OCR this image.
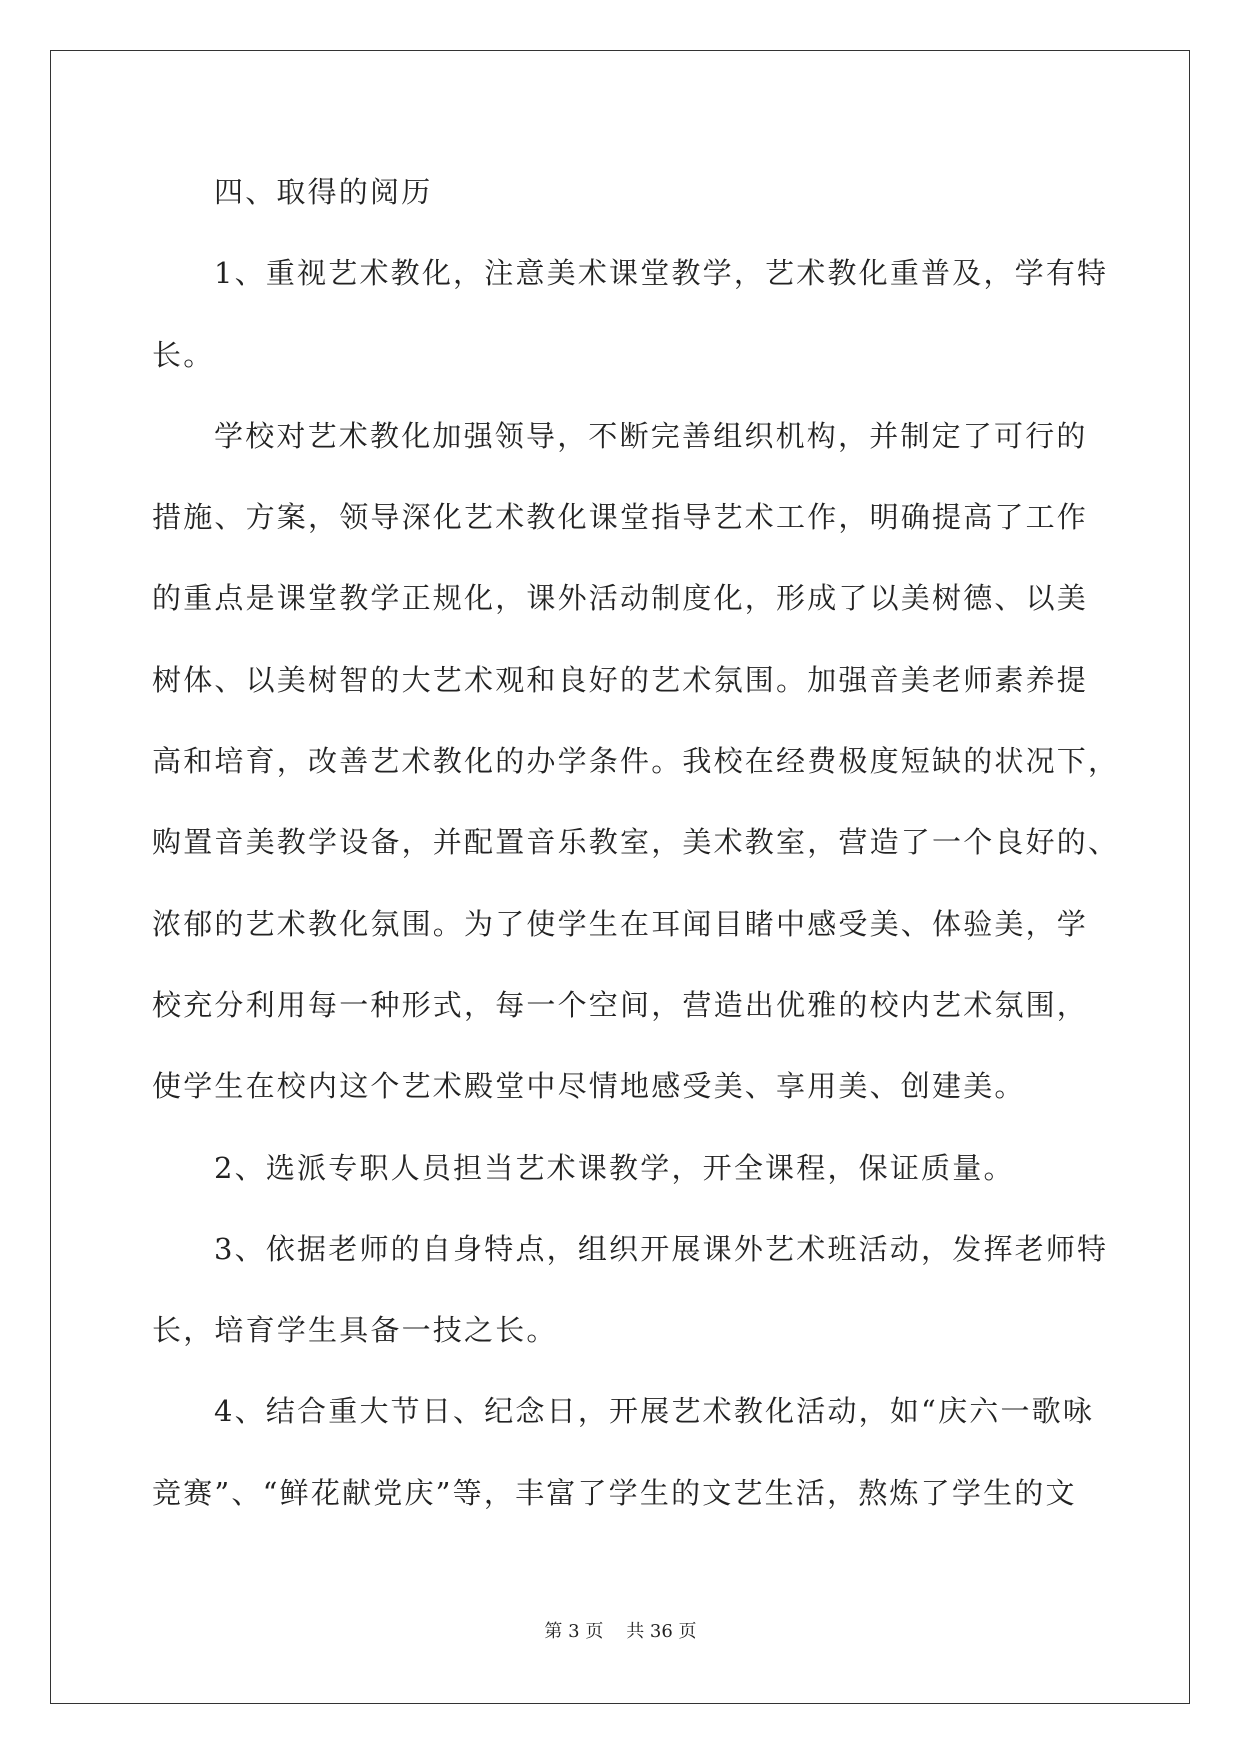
四、取得的阅历
1、重视艺术教化，注意美术课堂教学，艺术教化重普及，学有特
长。
学校对艺术教化加强领导，不断完善组织机构，并制定了可行的
措施、方案，领导深化艺术教化课堂指导艺术工作，明确提高了工作
的重点是课堂教学正规化，课外活动制度化，形成了以美树德、以美
树体、以美树智的大艺术观和良好的艺术氛围。加强音美老师素养提
高和培育，改善艺术教化的办学条件。我校在经费极度短缺的状况下，
购置音美教学设备，并配置音乐教室，美术教室，营造了一个良好的、
浓郁的艺术教化氛围。为了使学生在耳闻目睹中感受美、体验美，学
校充分利用每一种形式，每一个空间，营造出优雅的校内艺术氛围，
使学生在校内这个艺术殿堂中尽情地感受美、享用美、创建美。
2、选派专职人员担当艺术课教学，开全课程，保证质量。
3、依据老师的自身特点，组织开展课外艺术班活动，发挥老师特
长，培育学生具备一技之长。
4、结合重大节日、纪念日，开展艺术教化活动，如“庆六一歌咏
竞赛”、“鲜花献党庆”等，丰富了学生的文艺生活，熬炼了学生的文
第 3 页    共 36 页
